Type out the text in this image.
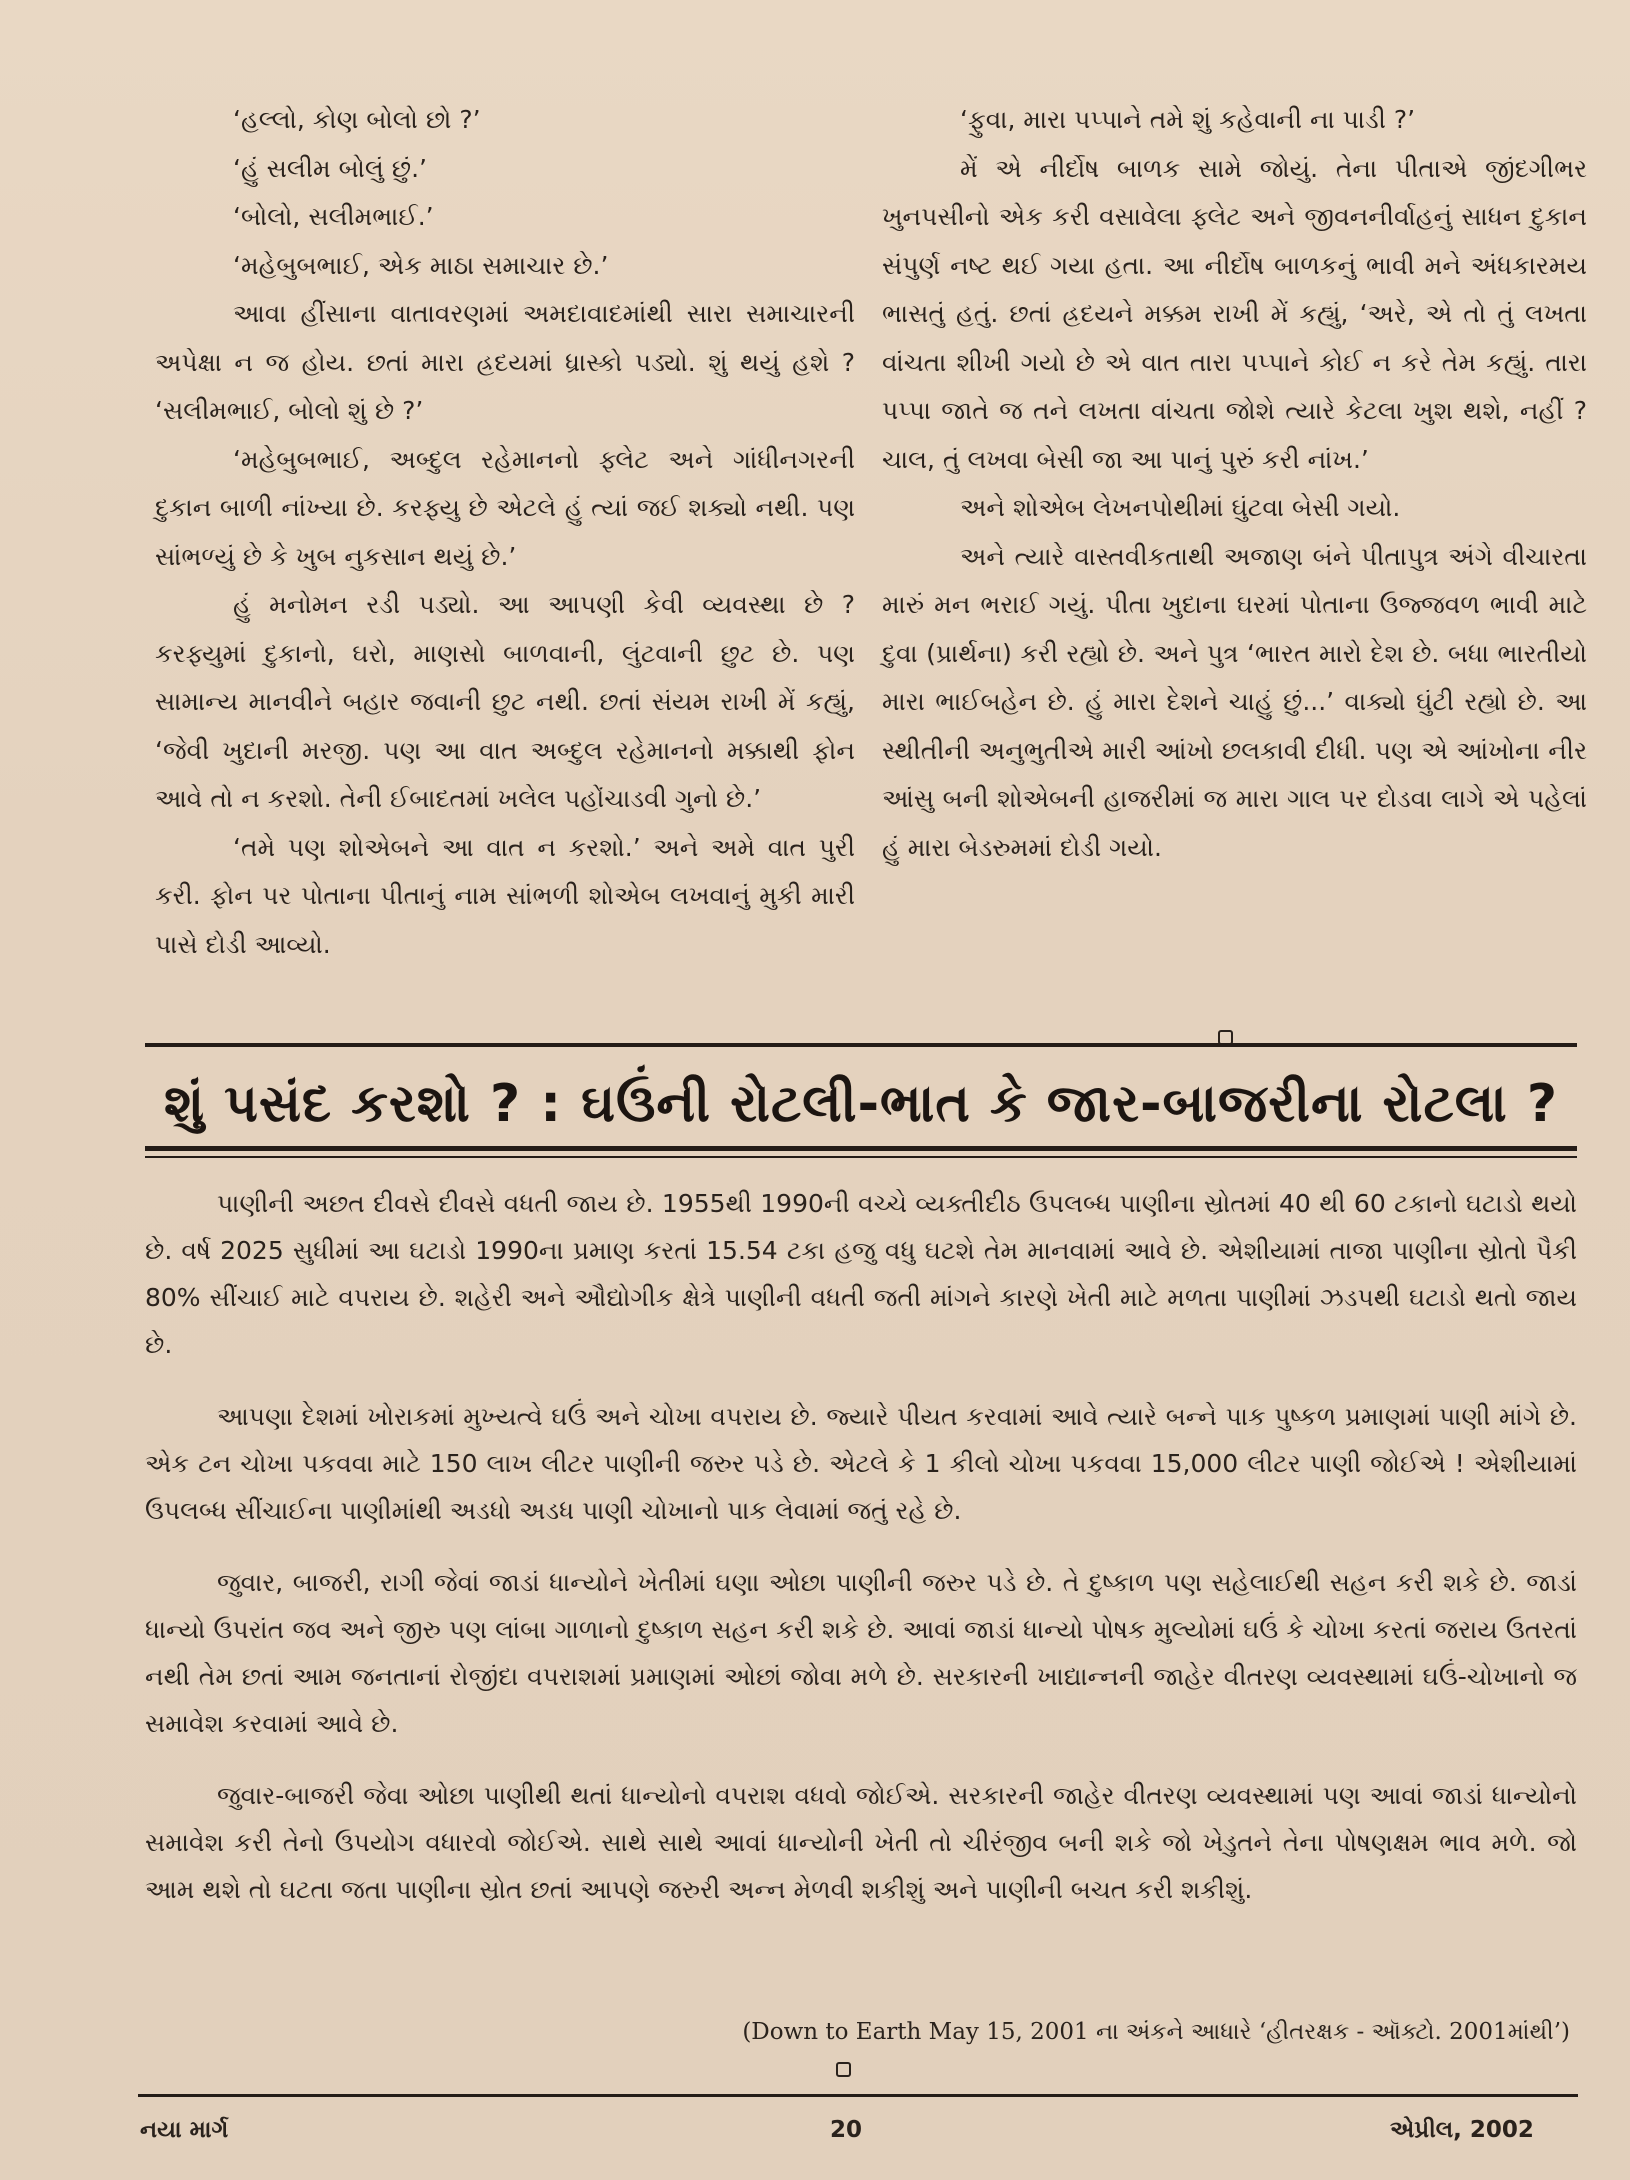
‘હલ્લો, કોણ બોલો છો ?’

‘હું સલીમ બોલું છું.’

‘બોલો, સલીમભાઈ.’

‘મહેબુબભાઈ, એક માઠા સમાચાર છે.’

આવા હીંસાના વાતાવરણમાં અમદાવાદમાંથી સારા સમાચારની અપેક્ષા ન જ હોય. છતાં મારા હ્રદયમાં ધ્રાસ્કો પડ્યો. શું થયું હશે ? ‘સલીમભાઈ, બોલો શું છે ?’

‘મહેબુબભાઈ, અબ્દુલ રહેમાનનો ફ્લેટ અને ગાંધીનગરની દુકાન બાળી નાંખ્યા છે. કરફ્યુ છે એટલે હું ત્યાં જઈ શક્યો નથી. પણ સાંભળ્યું છે કે ખુબ નુકસાન થયું છે.’

હું મનોમન રડી પડ્યો. આ આપણી કેવી વ્યવસ્થા છે ? કરફ્યુમાં દુકાનો, ઘરો, માણસો બાળવાની, લુંટવાની છુટ છે. પણ સામાન્ય માનવીને બહાર જવાની છુટ નથી. છતાં સંયમ રાખી મેં કહ્યું, ‘જેવી ખુદાની મરજી. પણ આ વાત અબ્દુલ રહેમાનનો મક્કાથી ફોન આવે તો ન કરશો. તેની ઈબાદતમાં ખલેલ પહોંચાડવી ગુનો છે.’

‘તમે પણ શોએબને આ વાત ન કરશો.’ અને અમે વાત પુરી કરી. ફોન પર પોતાના પીતાનું નામ સાંભળી શોએબ લખવાનું મુકી મારી પાસે દોડી આવ્યો.

‘ફુવા, મારા પપ્પાને તમે શું કહેવાની ના પાડી ?’

મેં એ નીર્દોષ બાળક સામે જોયું. તેના પીતાએ જીંદગીભર ખુનપસીનો એક કરી વસાવેલા ફ્લેટ અને જીવનનીર્વાહનું સાધન દુકાન સંપુર્ણ નષ્ટ થઈ ગયા હતા. આ નીર્દોષ બાળકનું ભાવી મને અંધકારમય ભાસતું હતું. છતાં હ્રદયને મક્કમ રાખી મેં કહ્યું, ‘અરે, એ તો તું લખતા વાંચતા શીખી ગયો છે એ વાત તારા પપ્પાને કોઈ ન કરે તેમ કહ્યું. તારા પપ્પા જાતે જ તને લખતા વાંચતા જોશે ત્યારે કેટલા ખુશ થશે, નહીં ? ચાલ, તું લખવા બેસી જા આ પાનું પુરું કરી નાંખ.’

અને શોએબ લેખનપોથીમાં ઘુંટવા બેસી ગયો.

અને ત્યારે વાસ્તવીકતાથી અજાણ બંને પીતાપુત્ર અંગે વીચારતા મારું મન ભરાઈ ગયું. પીતા ખુદાના ઘરમાં પોતાના ઉજ્જવળ ભાવી માટે દુવા (પ્રાર્થના) કરી રહ્યો છે. અને પુત્ર ‘ભારત મારો દેશ છે. બધા ભારતીયો મારા ભાઈબહેન છે. હું મારા દેશને ચાહું છું...’ વાક્યો ઘુંટી રહ્યો છે. આ સ્થીતીની અનુભુતીએ મારી આંખો છલકાવી દીધી. પણ એ આંખોના નીર આંસુ બની શોએબની હાજરીમાં જ મારા ગાલ પર દોડવા લાગે એ પહેલાં હું મારા બેડરુમમાં દોડી ગયો.

શું પસંદ કરશો ? : ઘઉંની રોટલી-ભાત કે જાર-બાજરીના રોટલા ?

પાણીની અછત દીવસે દીવસે વધતી જાય છે. 1955થી 1990ની વચ્ચે વ્યક્તીદીઠ ઉપલબ્ધ પાણીના સ્રોતમાં 40 થી 60 ટકાનો ઘટાડો થયો છે. વર્ષ 2025 સુધીમાં આ ઘટાડો 1990ના પ્રમાણ કરતાં 15.54 ટકા હજુ વધુ ઘટશે તેમ માનવામાં આવે છે. એશીયામાં તાજા પાણીના સ્રોતો પૈકી 80% સીંચાઈ માટે વપરાય છે. શહેરી અને ઔદ્યોગીક ક્ષેત્રે પાણીની વધતી જતી માંગને કારણે ખેતી માટે મળતા પાણીમાં ઝડપથી ઘટાડો થતો જાય છે.

આપણા દેશમાં ખોરાકમાં મુખ્યત્વે ઘઉં અને ચોખા વપરાય છે. જ્યારે પીયત કરવામાં આવે ત્યારે બન્ને પાક પુષ્કળ પ્રમાણમાં પાણી માંગે છે. એક ટન ચોખા પકવવા માટે 150 લાખ લીટર પાણીની જરુર પડે છે. એટલે કે 1 કીલો ચોખા પકવવા 15,000 લીટર પાણી જોઈએ ! એશીયામાં ઉપલબ્ધ સીંચાઈના પાણીમાંથી અડધો અડધ પાણી ચોખાનો પાક લેવામાં જતું રહે છે.

જુવાર, બાજરી, રાગી જેવાં જાડાં ધાન્યોને ખેતીમાં ઘણા ઓછા પાણીની જરુર પડે છે. તે દુષ્કાળ પણ સહેલાઈથી સહન કરી શકે છે. જાડાં ધાન્યો ઉપરાંત જવ અને જીરુ પણ લાંબા ગાળાનો દુષ્કાળ સહન કરી શકે છે. આવાં જાડાં ધાન્યો પોષક મુલ્યોમાં ઘઉં કે ચોખા કરતાં જરાય ઉતરતાં નથી તેમ છતાં આમ જનતાનાં રોજીંદા વપરાશમાં પ્રમાણમાં ઓછાં જોવા મળે છે. સરકારની ખાદ્યાન્નની જાહેર વીતરણ વ્યવસ્થામાં ઘઉં-ચોખાનો જ સમાવેશ કરવામાં આવે છે.

જુવાર-બાજરી જેવા ઓછા પાણીથી થતાં ધાન્યોનો વપરાશ વધવો જોઈએ. સરકારની જાહેર વીતરણ વ્યવસ્થામાં પણ આવાં જાડાં ધાન્યોનો સમાવેશ કરી તેનો ઉપયોગ વધારવો જોઈએ. સાથે સાથે આવાં ધાન્યોની ખેતી તો ચીરંજીવ બની શકે જો ખેડુતને તેના પોષણક્ષમ ભાવ મળે. જો આમ થશે તો ઘટતા જતા પાણીના સ્રોત છતાં આપણે જરુરી અન્ન મેળવી શકીશું અને પાણીની બચત કરી શકીશું.

(Down to Earth May 15, 2001 ના અંકને આધારે ‘હીતરક્ષક - ઑક્ટો. 2001માંથી’)
નયા માર્ગ	20	એપ્રીલ, 2002
